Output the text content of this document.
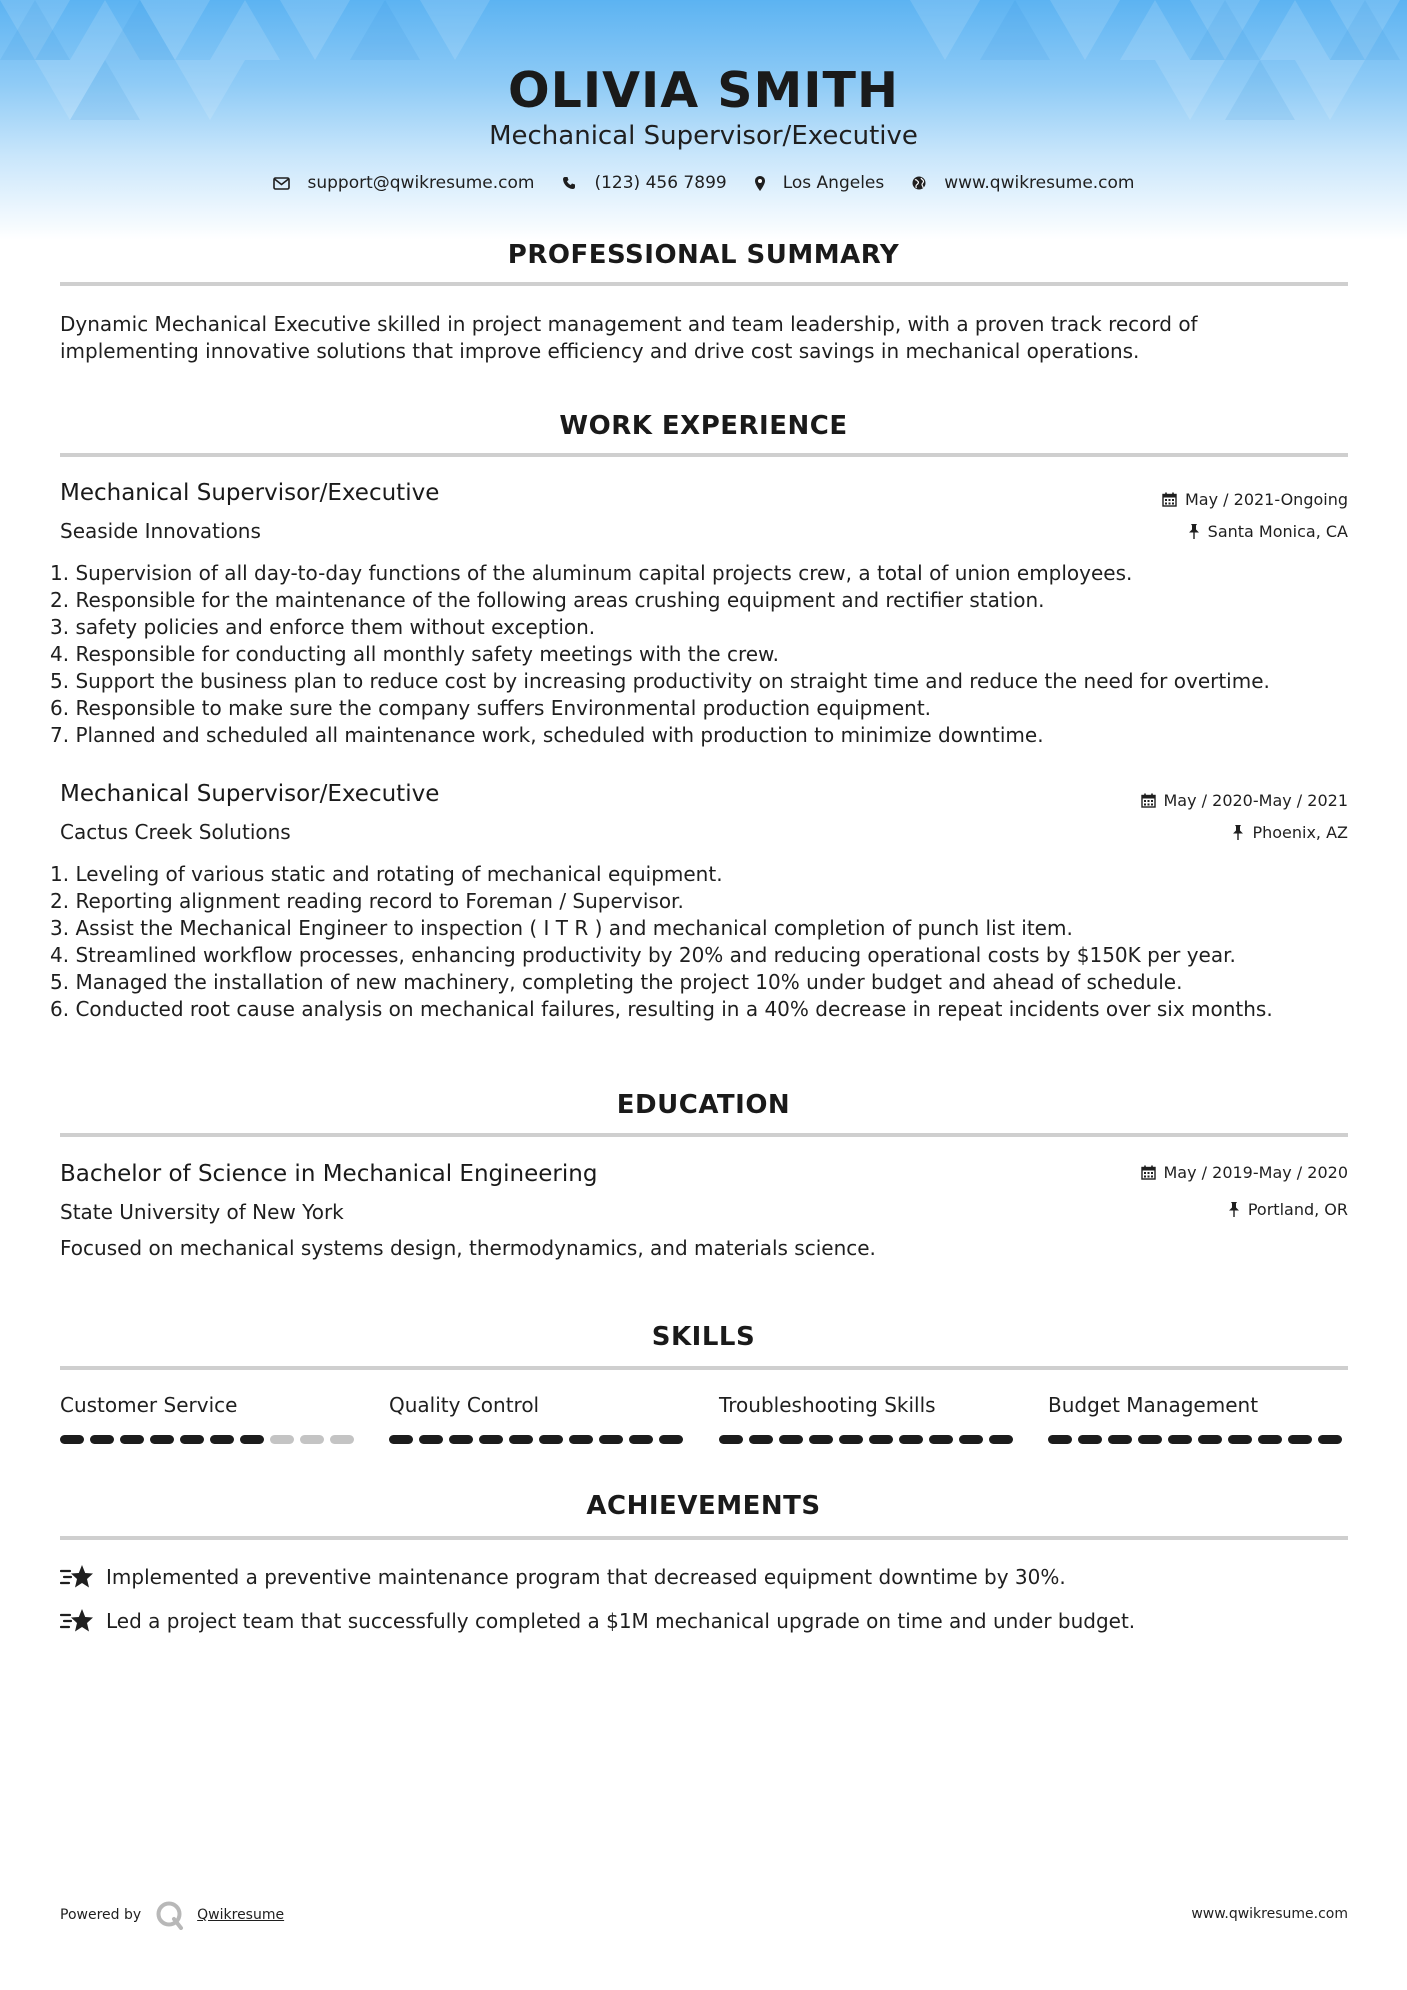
OLIVIA SMITH
Mechanical Supervisor/Executive
support@qwikresume.com	(123) 456 7899	Los Angeles	www.qwikresume.com
PROFESSIONAL SUMMARY
Dynamic Mechanical Executive skilled in project management and team leadership, with a proven track record of
implementing innovative solutions that improve efficiency and drive cost savings in mechanical operations.
WORK EXPERIENCE
Mechanical Supervisor/Executive	May / 2021-Ongoing
Seaside Innovations	Santa Monica, CA
1. Supervision of all day-to-day functions of the aluminum capital projects crew, a total of union employees.
2. Responsible for the maintenance of the following areas crushing equipment and rectifier station.
3. safety policies and enforce them without exception.
4. Responsible for conducting all monthly safety meetings with the crew.
5. Support the business plan to reduce cost by increasing productivity on straight time and reduce the need for overtime.
6. Responsible to make sure the company suffers Environmental production equipment.
7. Planned and scheduled all maintenance work, scheduled with production to minimize downtime.
Mechanical Supervisor/Executive	May / 2020-May / 2021
Cactus Creek Solutions	Phoenix, AZ
1. Leveling of various static and rotating of mechanical equipment.
2. Reporting alignment reading record to Foreman / Supervisor.
3. Assist the Mechanical Engineer to inspection ( I T R ) and mechanical completion of punch list item.
4. Streamlined workflow processes, enhancing productivity by 20% and reducing operational costs by $150K per year.
5. Managed the installation of new machinery, completing the project 10% under budget and ahead of schedule.
6. Conducted root cause analysis on mechanical failures, resulting in a 40% decrease in repeat incidents over six months.
EDUCATION
Bachelor of Science in Mechanical Engineering	May / 2019-May / 2020
State University of New York	Portland, OR
Focused on mechanical systems design, thermodynamics, and materials science.
SKILLS
Customer Service	Quality Control	Troubleshooting Skills	Budget Management
ACHIEVEMENTS
Implemented a preventive maintenance program that decreased equipment downtime by 30%.
Led a project team that successfully completed a $1M mechanical upgrade on time and under budget.
Powered by	Qwikresume	www.qwikresume.com
